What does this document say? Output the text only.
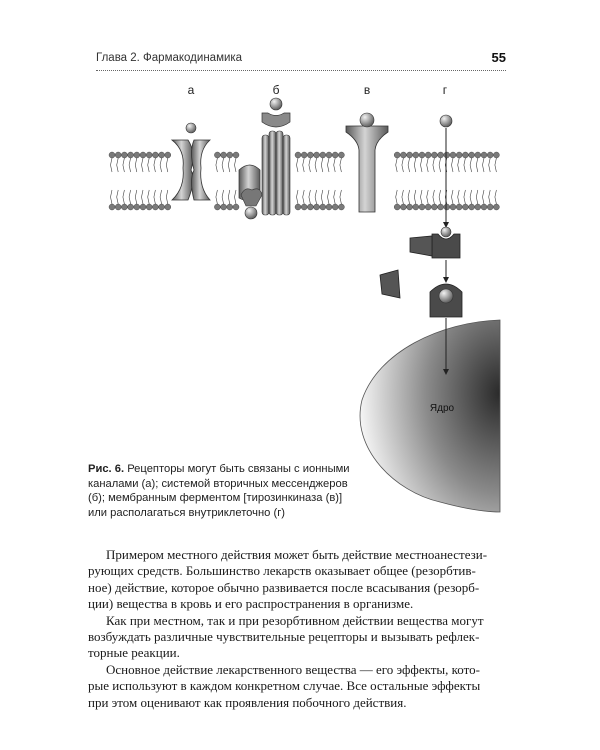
Глава 2. Фармакодинамика	55
а	б	в	г
Ядро
Рис. 6. Рецепторы могут быть связаны с ионными
каналами (а); системой вторичных мессенджеров
(б); мембранным ферментом [тирозинкиназа (в)]
или располагаться внутриклеточно (г)

Примером местного действия может быть действие местноанестези-

рующих средств. Большинство лекарств оказывает общее (резорбтив-
ное) действие, которое обычно развивается после всасывания (резорб-
ции) вещества в кровь и его распространения в организме.

Как при местном, так и при резорбтивном действии вещества могут

возбуждать различные чувствительные рецепторы и вызывать рефлек-
торные реакции.

Основное действие лекарственного вещества — его эффекты, кото-

рые используют в каждом конкретном случае. Все остальные эффекты
при этом оценивают как проявления побочного действия.
